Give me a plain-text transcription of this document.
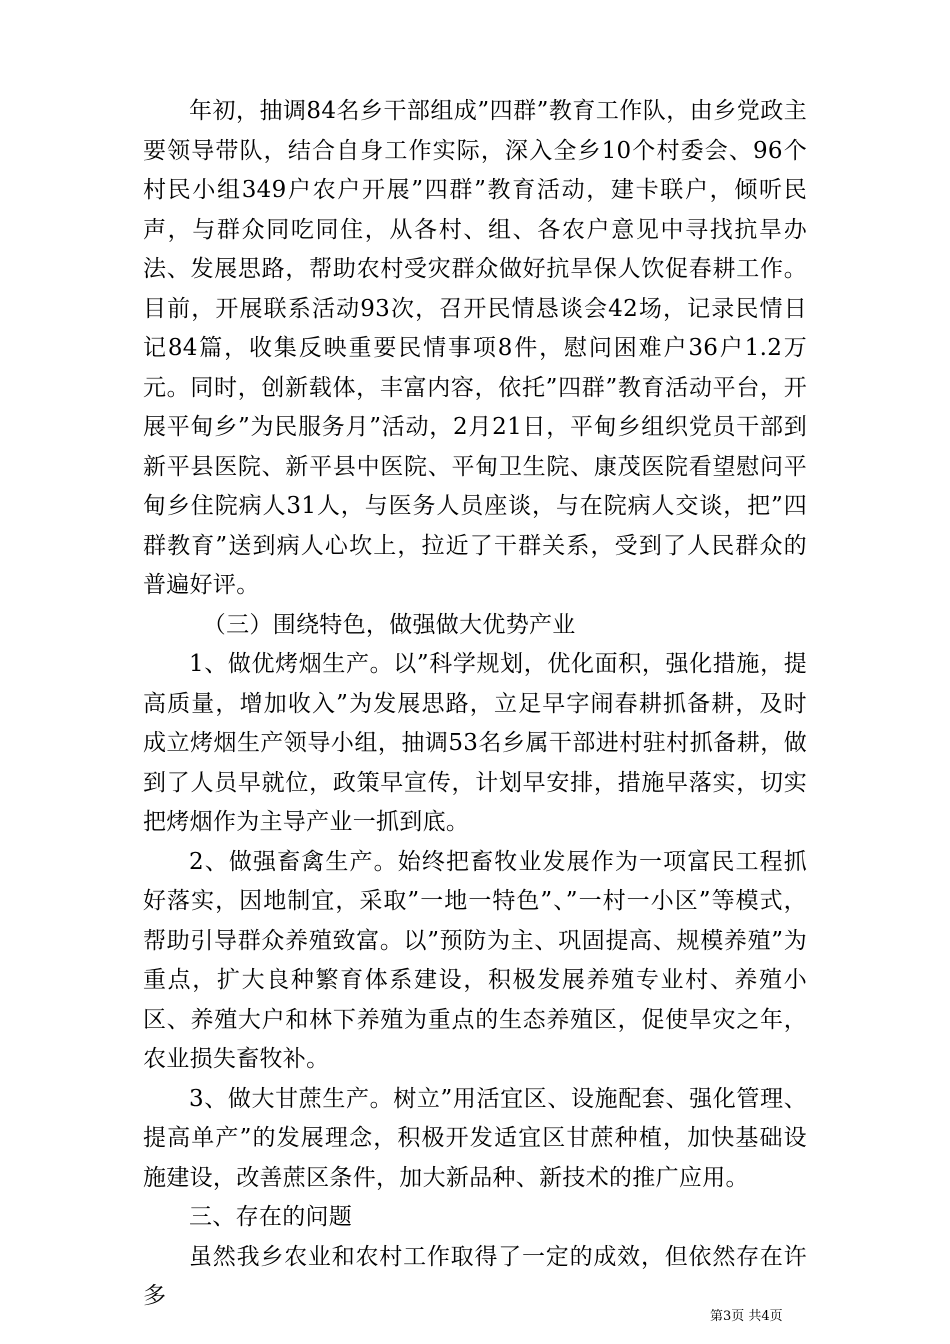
年初，抽调84名乡干部组成”四群”教育工作队，由乡党政主要领导带队，结合自身工作实际，深入全乡10个村委会、96个村民小组349户农户开展”四群”教育活动，建卡联户，倾听民声，与群众同吃同住，从各村、组、各农户意见中寻找抗旱办法、发展思路，帮助农村受灾群众做好抗旱保人饮促春耕工作。目前，开展联系活动93次，召开民情恳谈会42场，记录民情日记84篇，收集反映重要民情事项8件，慰问困难户36户1.2万元。同时，创新载体，丰富内容，依托”四群”教育活动平台，开展平甸乡”为民服务月”活动，2月21日，平甸乡组织党员干部到新平县医院、新平县中医院、平甸卫生院、康茂医院看望慰问平甸乡住院病人31人，与医务人员座谈，与在院病人交谈，把”四群教育”送到病人心坎上，拉近了干群关系，受到了人民群众的普遍好评。

（三）围绕特色，做强做大优势产业

1、做优烤烟生产。以”科学规划，优化面积，强化措施，提高质量，增加收入”为发展思路，立足早字闹春耕抓备耕，及时成立烤烟生产领导小组，抽调53名乡属干部进村驻村抓备耕，做到了人员早就位，政策早宣传，计划早安排，措施早落实，切实把烤烟作为主导产业一抓到底。

2、做强畜禽生产。始终把畜牧业发展作为一项富民工程抓好落实，因地制宜，采取”一地一特色”、”一村一小区”等模式，帮助引导群众养殖致富。以”预防为主、巩固提高、规模养殖”为重点，扩大良种繁育体系建设，积极发展养殖专业村、养殖小区、养殖大户和林下养殖为重点的生态养殖区，促使旱灾之年，农业损失畜牧补。

3、做大甘蔗生产。树立”用活宜区、设施配套、强化管理、提高单产”的发展理念，积极开发适宜区甘蔗种植，加快基础设施建设，改善蔗区条件，加大新品种、新技术的推广应用。

三、存在的问题

虽然我乡农业和农村工作取得了一定的成效，但依然存在许多

第3页 共4页
